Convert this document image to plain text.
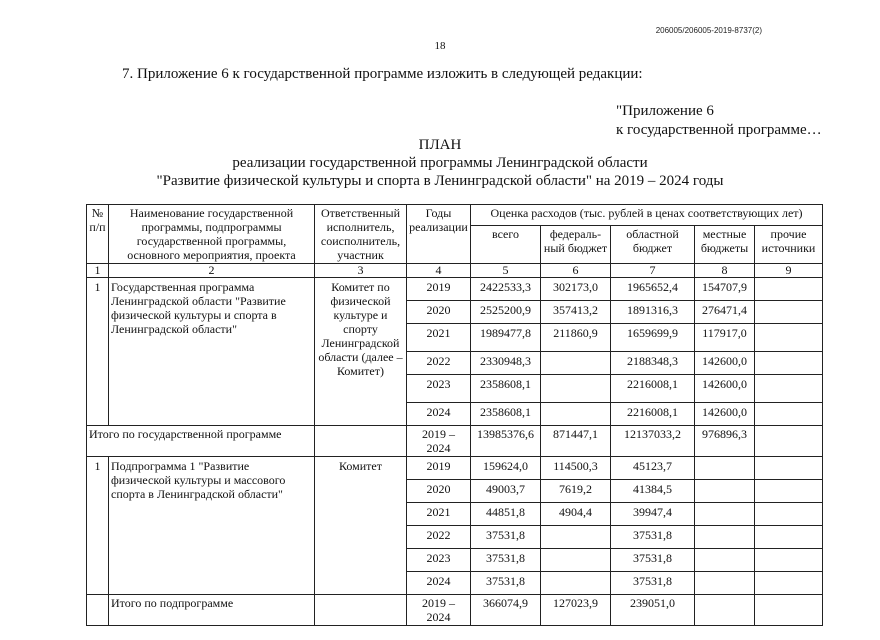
206005/206005-2019-8737(2)
18
7. Приложение 6 к государственной программе изложить в следующей редакции:
"Приложение 6
к государственной программе…
ПЛАН
реализации государственной программы Ленинградской области
"Развитие физической культуры и спорта в Ленинградской области" на 2019 – 2024 годы
№ п/п	Наименование государственной программы, подпрограммы государственной программы, основного мероприятия, проекта	Ответственный исполнитель, соисполнитель, участник	Годы реализации	Оценка расходов (тыс. рублей в ценах соответствующих лет)				
				всего	федераль-ный бюджет	областной бюджет	местные бюджеты	прочие источники
1	2	3	4	5	6	7	8	9
1	Государственная программа Ленинградской области "Развитие физической культуры и спорта в Ленинградской области"	Комитет по физической культуре и спорту Ленинградской области (далее – Комитет)	2019	2422533,3	302173,0	1965652,4	154707,9	
			2020	2525200,9	357413,2	1891316,3	276471,4	
			2021	1989477,8	211860,9	1659699,9	117917,0	
			2022	2330948,3		2188348,3	142600,0	
			2023	2358608,1		2216008,1	142600,0	
			2024	2358608,1		2216008,1	142600,0	
Итого по государственной программе			2019 – 2024	13985376,6	871447,1	12137033,2	976896,3	
1	Подпрограмма 1 "Развитие физической культуры и массового спорта в Ленинградской области"	Комитет	2019	159624,0	114500,3	45123,7		
			2020	49003,7	7619,2	41384,5		
			2021	44851,8	4904,4	39947,4		
			2022	37531,8		37531,8		
			2023	37531,8		37531,8		
			2024	37531,8		37531,8		
	Итого по подпрограмме		2019 – 2024	366074,9	127023,9	239051,0		
